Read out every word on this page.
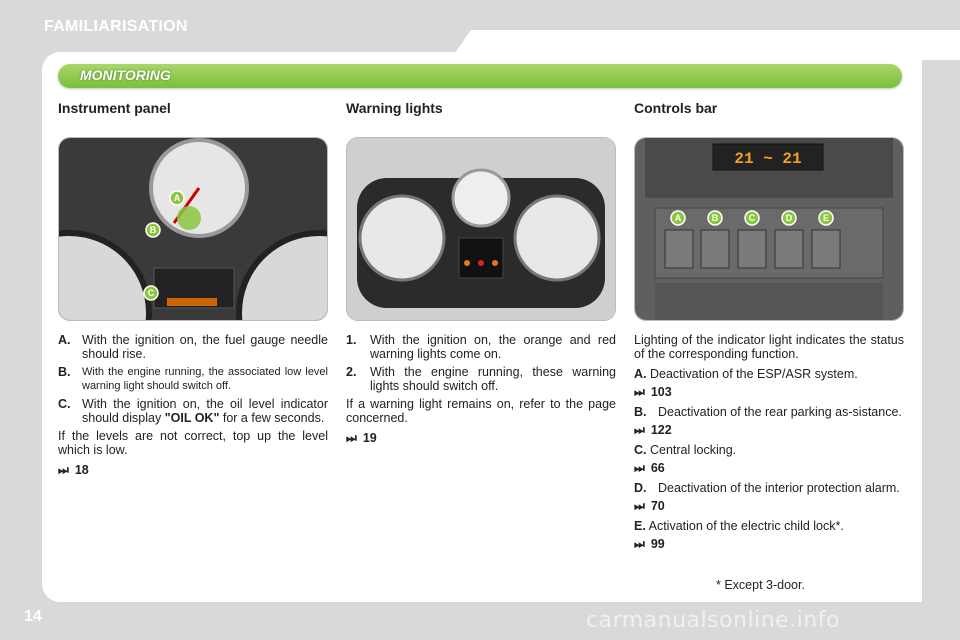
FAMILIARISATION
MONITORING
Instrument panel	Warning lights	Controls bar
A
B
C
21 ~ 21
A	B	C	D	E
A. With the ignition on, the fuel gauge needle should rise.
B.	With the engine running, the associated low level warning light should switch off.
C. With the ignition on, the oil level indicator should display "OIL OK" for a few seconds.
If the levels are not correct, top up the level which is low.
⏭ 18
1.	With the ignition on, the orange and red warning lights come on.
2.	With the engine running, these warning lights should switch off.
If a warning light remains on, refer to the page concerned.
⏭ 19
Lighting of the indicator light indicates the status of the corresponding function.
A. Deactivation of the ESP/ASR system.
⏭ 103
B. Deactivation of the rear parking as-sistance.
⏭ 122
C. Central locking.
⏭ 66
D. Deactivation of the interior protection alarm.
⏭ 70
E. Activation of the electric child lock*.
⏭ 99
* Except 3-door.
14	carmanualsonline.info
